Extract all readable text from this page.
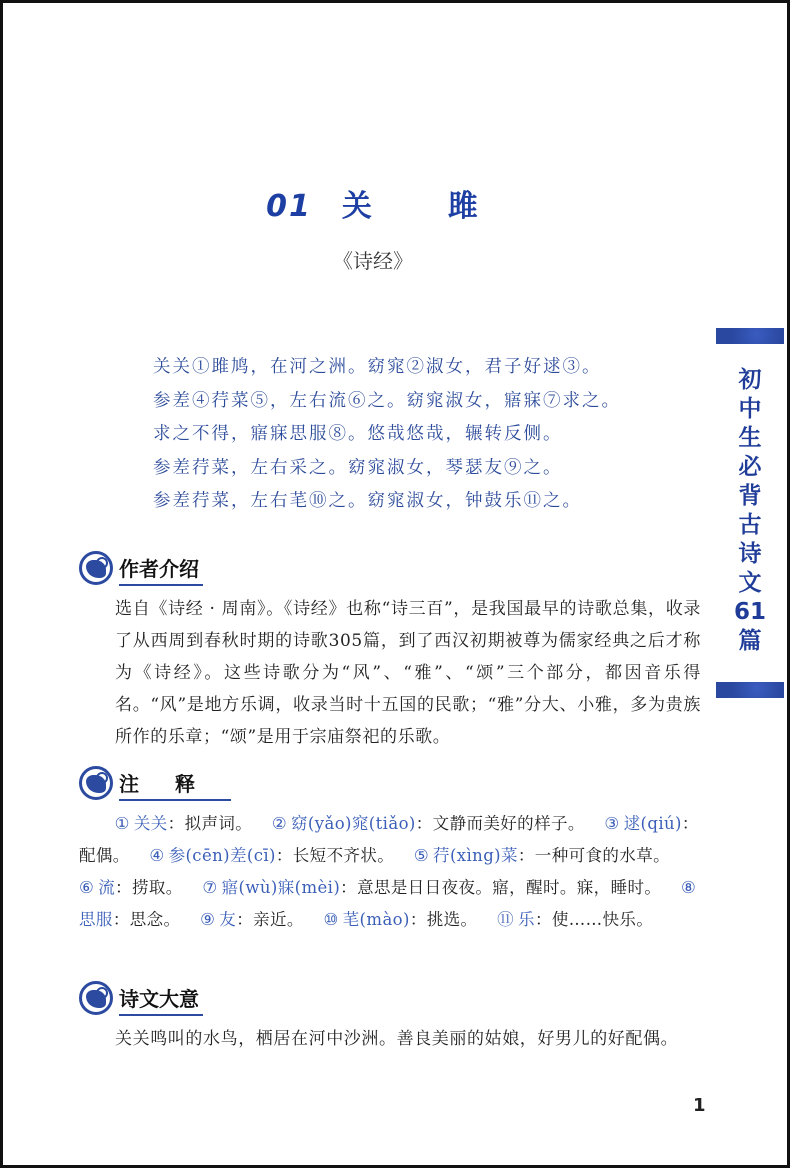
01 关 雎
《诗经》
关关①雎鸠，在河之洲。窈窕②淑女，君子好逑③。
参差④荇菜⑤，左右流⑥之。窈窕淑女，寤寐⑦求之。
求之不得，寤寐思服⑧。悠哉悠哉，辗转反侧。
参差荇菜，左右采之。窈窕淑女，琴瑟友⑨之。
参差荇菜，左右芼⑩之。窈窕淑女，钟鼓乐⑪之。
初
中
生
必
背
古
诗
文
61
篇
作者介绍
选自《诗经 · 周南》。《诗经》也称“诗三百”，是我国最早的诗歌总集，收录了从西周到春秋时期的诗歌305篇，到了西汉初期被尊为儒家经典之后才称为《诗经》。这些诗歌分为“风”、“雅”、“颂”三个部分，都因音乐得名。“风”是地方乐调，收录当时十五国的民歌；“雅”分大、小雅，多为贵族所作的乐章；“颂”是用于宗庙祭祀的乐歌。
注释
① 关关：拟声词。 ② 窈(yǎo)窕(tiǎo)：文静而美好的样子。 ③ 逑(qiú)：配偶。 ④ 参(cēn)差(cī)：长短不齐状。 ⑤ 荇(xìng)菜：一种可食的水草。 ⑥ 流：捞取。 ⑦ 寤(wù)寐(mèi)：意思是日日夜夜。寤，醒时。寐，睡时。 ⑧思服：思念。 ⑨ 友：亲近。 ⑩ 芼(mào)：挑选。 ⑪ 乐：使……快乐。
诗文大意
关关鸣叫的水鸟，栖居在河中沙洲。善良美丽的姑娘，好男儿的好配偶。
1
